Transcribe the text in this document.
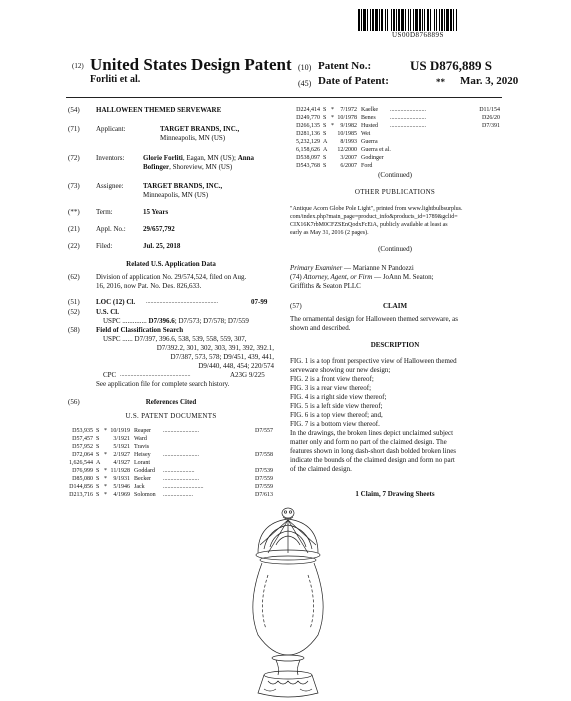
US00D876889S
(12) United States Design Patent
Forliti et al.
(10) Patent No.:	US D876,889 S
(45) Date of Patent:	** Mar. 3, 2020
(54) HALLOWEEN THEMED SERVEWARE
(71) Applicant:	TARGET BRANDS, INC.,
Minneapolis, MN (US)
(72) Inventors:	Glorie Forliti, Eagan, MN (US); Anna
Bofinger, Shoreview, MN (US)
(73) Assignee:	TARGET BRANDS, INC.,
Minneapolis, MN (US)
(**) Term:	15 Years
(21) Appl. No.: 29/657,792
(22) Filed:	Jul. 25, 2018
Related U.S. Application Data
(62) Division of application No. 29/574,524, filed on Aug.
16, 2016, now Pat. No. Des. 826,633.
(51) LOC (12) Cl. ................................................	07-99
(52) U.S. Cl.
USPC .............. D7/396.6; D7/573; D7/578; D7/559
(58) Field of Classification Search
USPC ...... D7/397, 396.6, 538, 539, 558, 559, 307,
D7/392.2, 301, 302, 303, 391, 392, 392.1,
D7/387, 573, 578; D9/451, 439, 441,
D9/440, 448, 454; 220/574
CPC ...............................................	A23G 9/225
See application file for complete search history.
(56)	References Cited
U.S. PATENT DOCUMENTS
D53,935 S * 10/1919 Reaper ........................	D7/557
D57,457 S 3/1921 Ward
D57,952 S 5/1921 Travis
D72,064 S * 2/1927 Heisey ........................	D7/558
1,626,544 A 4/1927 Lorant
D76,999 S * 11/1928 Goddard .....................	D7/539
D85,080 S * 9/1931 Becker ........................	D7/559
D144,856 S * 5/1946 Jack	...........................	D7/559
D213,716 S * 4/1969 Solomon ....................	D7/613
D224,414 S * 7/1972 Kaelke ........................	D11/154
D249,770 S * 10/1978 Benes ........................	D26/20
D266,135 S * 9/1982 Husted ........................	D7/391
D281,136 S 10/1985 Wei
5,232,129 A 8/1993 Guerra
6,158,626 A 12/2000 Guerra et al.
D538,097 S 3/2007 Godinger
D543,768 S 6/2007 Ford
(Continued)
OTHER PUBLICATIONS
"Antique Acorn Globe Pole Light", printed from www.lightbulbsurplus.
com/index.php?main_page=product_info&products_id=1789&gclid=
CIX16K7rbM0CFZSEnQodxFcEiA, publicly available at least as
early as May 31, 2016 (2 pages).
(Continued)
Primary Examiner — Marianne N Pandozzi
(74) Attorney, Agent, or Firm — JoAnn M. Seaton;
Griffiths & Seaton PLLC
(57)	CLAIM
The ornamental design for Halloween themed serveware, as
shown and described.
DESCRIPTION
FIG. 1 is a top front perspective view of Halloween themed
serveware showing our new design;
FIG. 2 is a front view thereof;
FIG. 3 is a rear view thereof;
FIG. 4 is a right side view thereof;
FIG. 5 is a left side view thereof;
FIG. 6 is a top view thereof; and,
FIG. 7 is a bottom view thereof.
In the drawings, the broken lines depict unclaimed subject
matter only and form no part of the claimed design. The
features shown in long dash-short dash bolded broken lines
indicate the bounds of the claimed design and form no part
of the claimed design.
1 Claim, 7 Drawing Sheets
